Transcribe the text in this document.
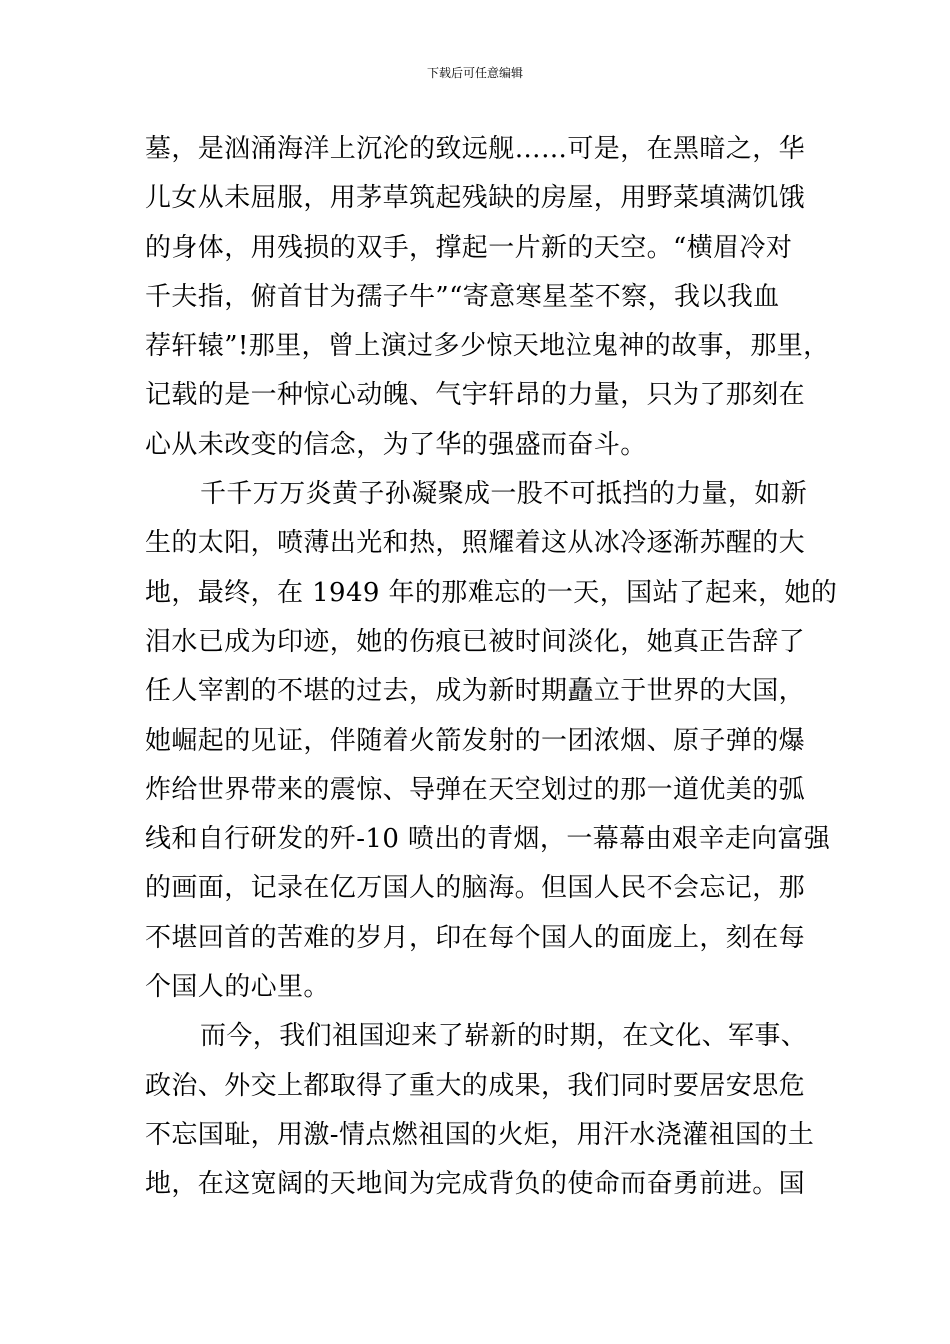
下载后可任意编辑
墓，是汹涌海洋上沉沦的致远舰……可是，在黑暗之，华
儿女从未屈服，用茅草筑起残缺的房屋，用野菜填满饥饿
的身体，用残损的双手，撑起一片新的天空。“横眉冷对
千夫指，俯首甘为孺子牛”“寄意寒星荃不察，我以我血
荐轩辕”!那里，曾上演过多少惊天地泣鬼神的故事，那里，
记载的是一种惊心动魄、气宇轩昂的力量，只为了那刻在
心从未改变的信念，为了华的强盛而奋斗。
千千万万炎黄子孙凝聚成一股不可抵挡的力量，如新
生的太阳，喷薄出光和热，照耀着这从冰冷逐渐苏醒的大
地，最终，在 1949 年的那难忘的一天，国站了起来，她的
泪水已成为印迹，她的伤痕已被时间淡化，她真正告辞了
任人宰割的不堪的过去，成为新时期矗立于世界的大国，
她崛起的见证，伴随着火箭发射的一团浓烟、原子弹的爆
炸给世界带来的震惊、导弹在天空划过的那一道优美的弧
线和自行研发的歼-10 喷出的青烟，一幕幕由艰辛走向富强
的画面，记录在亿万国人的脑海。但国人民不会忘记，那
不堪回首的苦难的岁月，印在每个国人的面庞上，刻在每
个国人的心里。
而今，我们祖国迎来了崭新的时期，在文化、军事、
政治、外交上都取得了重大的成果，我们同时要居安思危
不忘国耻，用激-情点燃祖国的火炬，用汗水浇灌祖国的土
地，在这宽阔的天地间为完成背负的使命而奋勇前进。国
